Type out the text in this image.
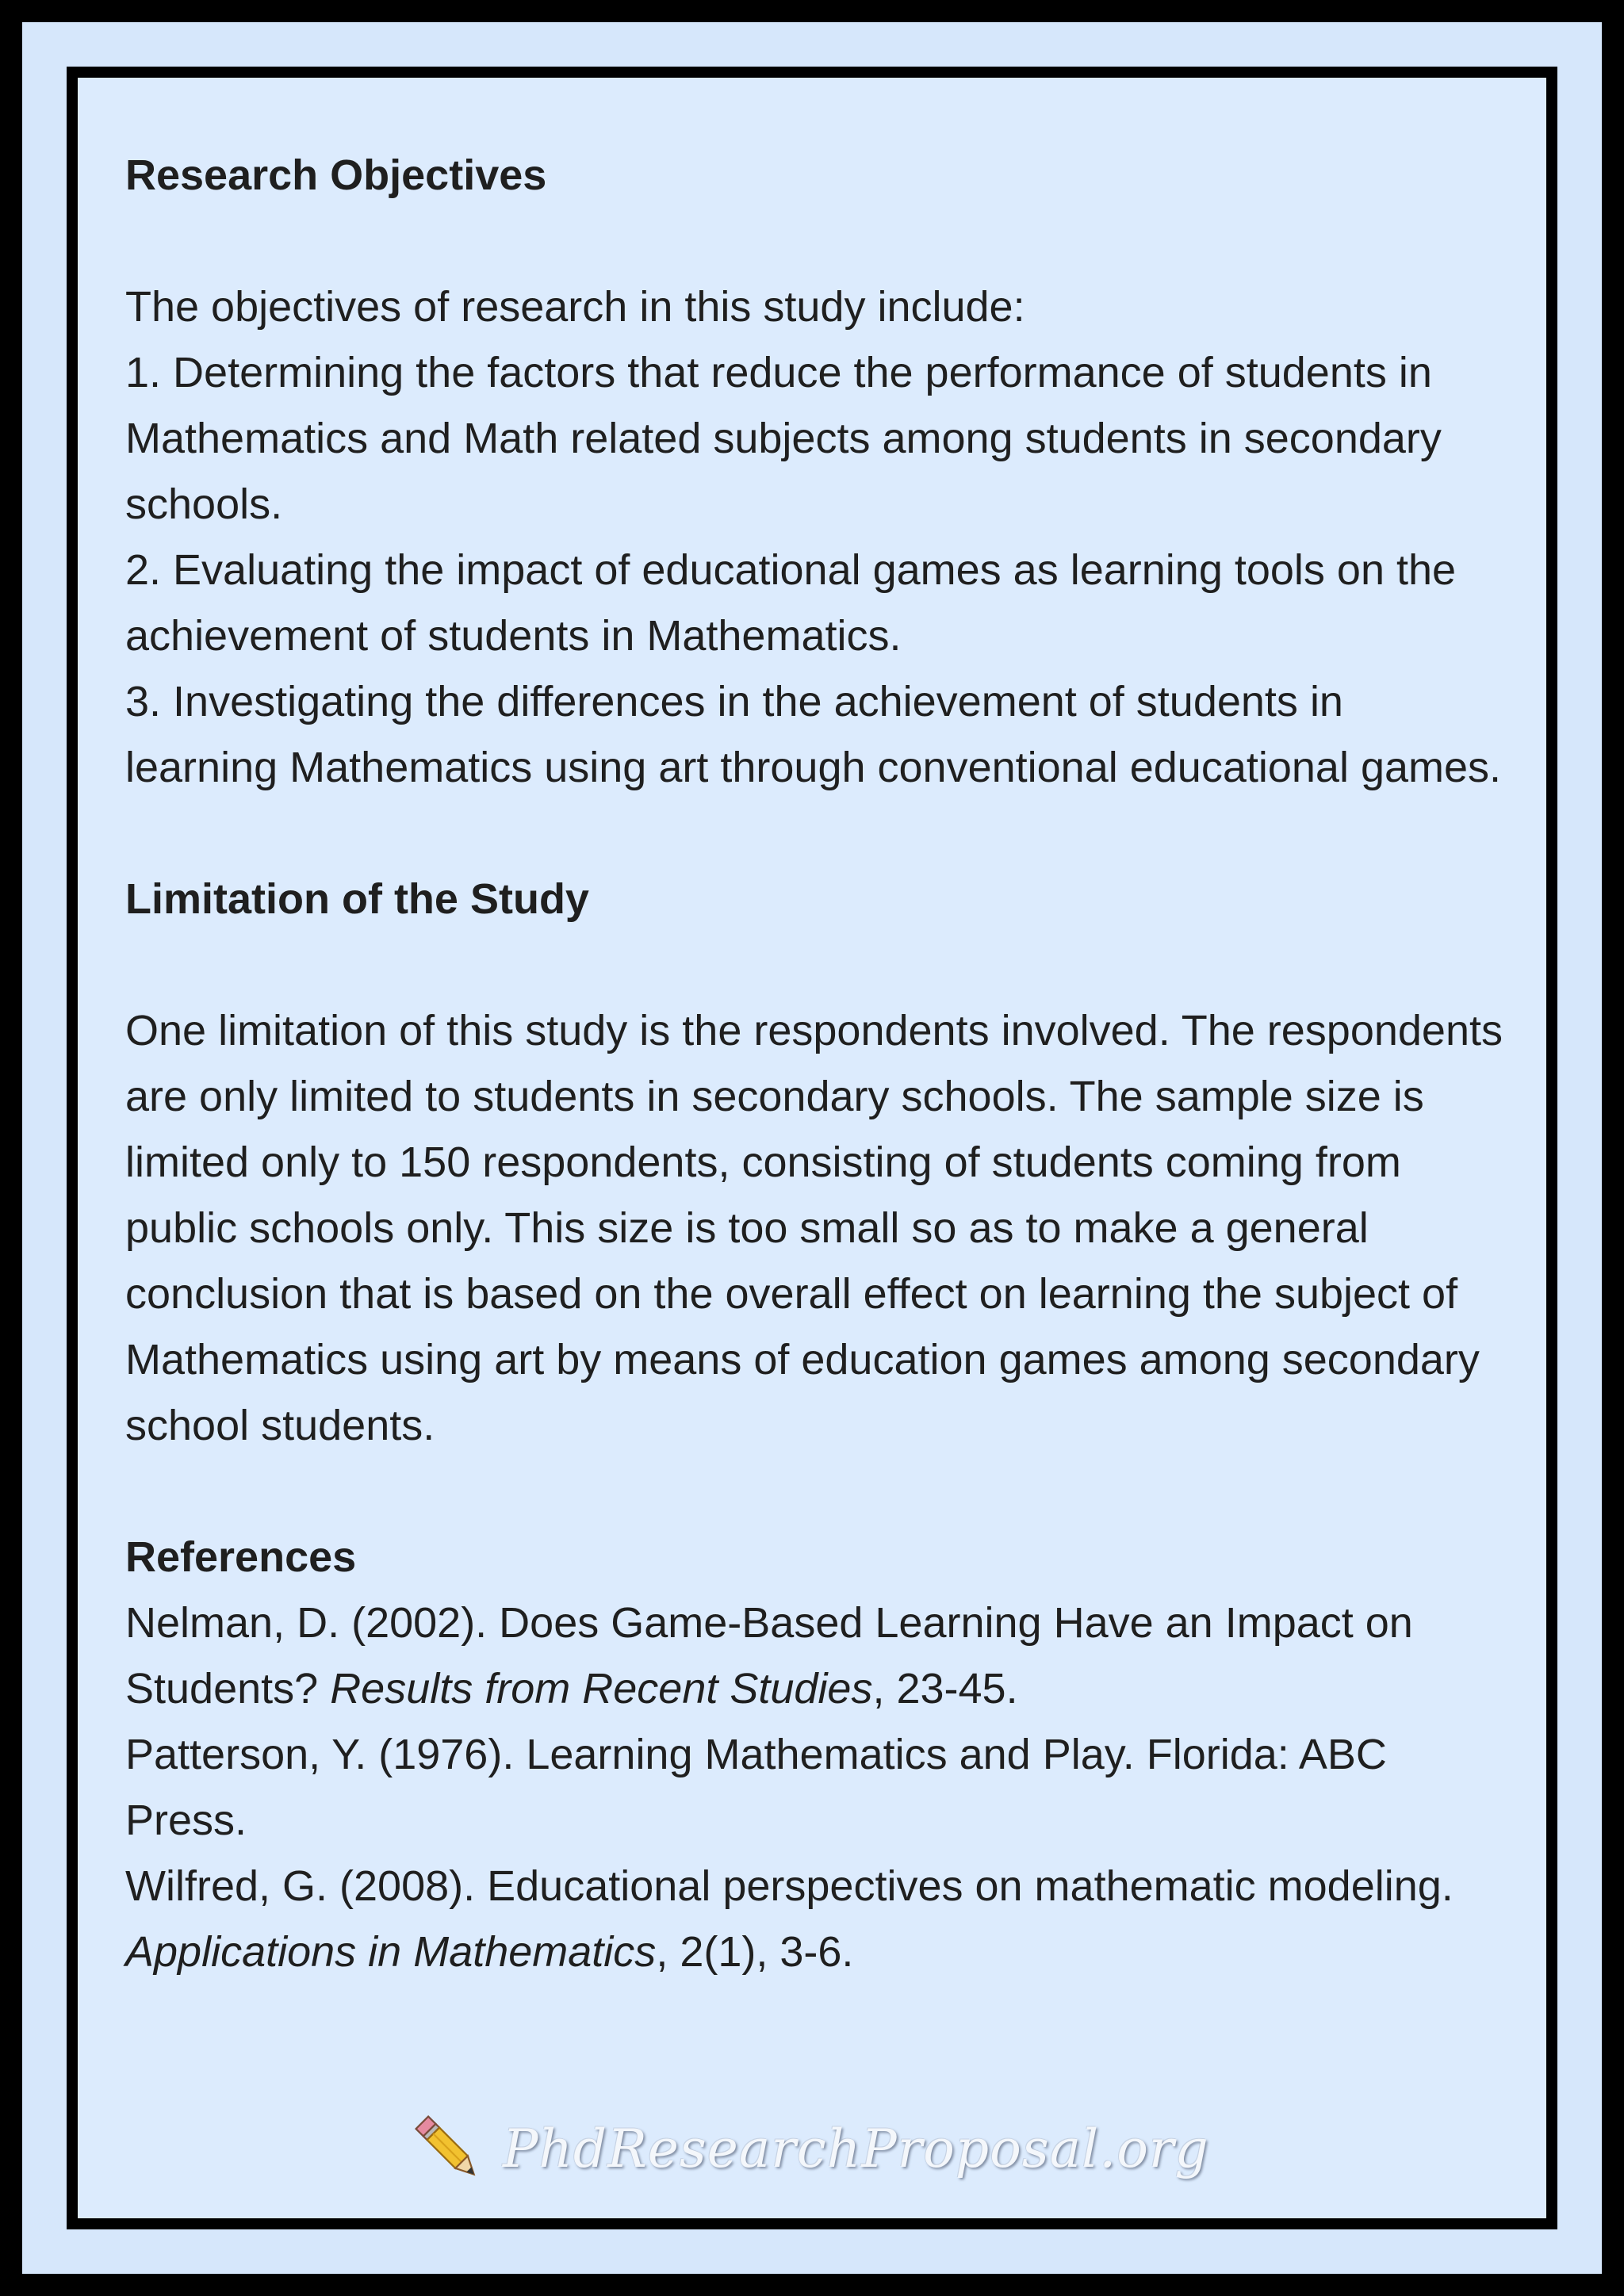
Research Objectives

The objectives of research in this study include:

1. Determining the factors that reduce the performance of students in Mathematics and Math related subjects among students in secondary schools.

2. Evaluating the impact of educational games as learning tools on the achievement of students in Mathematics.

3. Investigating the differences in the achievement of students in learning Mathematics using art through conventional educational games.

Limitation of the Study

One limitation of this study is the respondents involved. The respondents are only limited to students in secondary schools. The sample size is limited only to 150 respondents, consisting of students coming from public schools only. This size is too small so as to make a general conclusion that is based on the overall effect on learning the subject of Mathematics using art by means of education games among secondary school students.

References

Nelman, D. (2002). Does Game-Based Learning Have an Impact on Students? Results from Recent Studies, 23-45.

Patterson, Y. (1976). Learning Mathematics and Play. Florida: ABC Press.

Wilfred, G. (2008). Educational perspectives on mathematic modeling. Applications in Mathematics, 2(1), 3-6.

PhdResearchProposal.org
